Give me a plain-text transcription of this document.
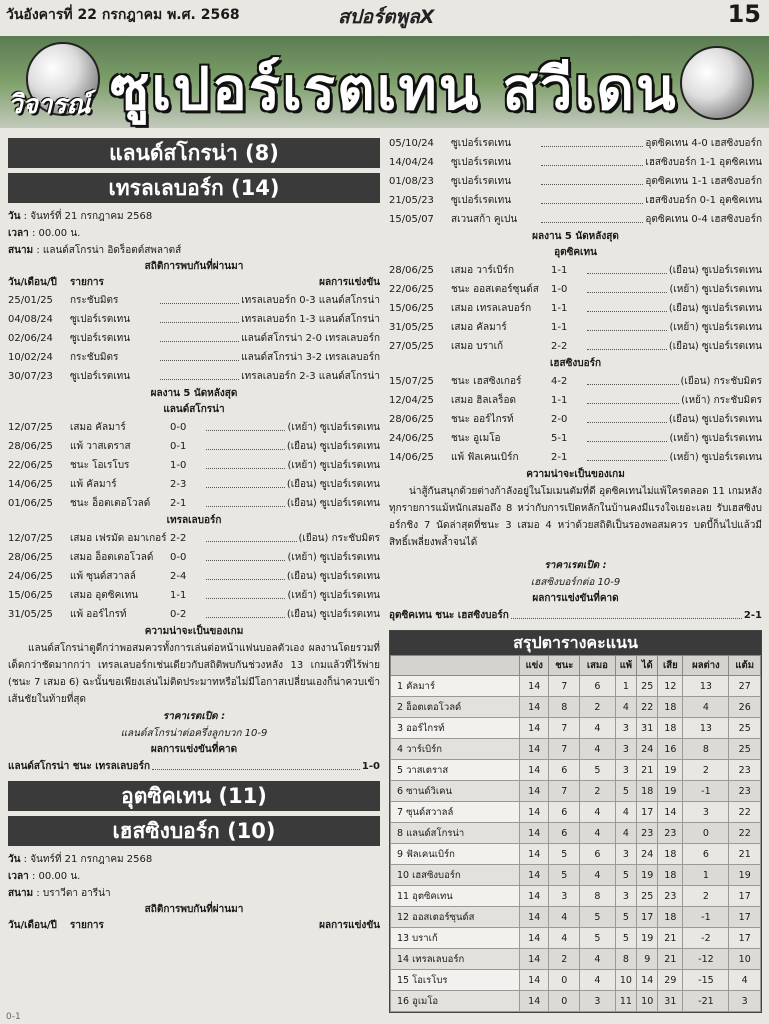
วันอังคารที่ 22 กรกฎาคม พ.ศ. 2568	สปอร์ตพูลX	15
วิจารณ์ ซูเปอร์เรตเทน สวีเดน
แลนด์สโกรน่า (8)
เทรลเลบอร์ก (14)
วัน : จันทร์ที่ 21 กรกฎาคม 2568
เวลา : 00.00 น.
สนาม : แลนด์สโกรน่า อิดร็อตต์สพลาตส์
สถิติการพบกันที่ผ่านมา
วัน/เดือน/ปี	รายการ	ผลการแข่งขัน
25/01/25	กระชับมิตร	เทรลเลบอร์ก 0-3 แลนด์สโกรน่า
04/08/24	ซูเปอร์เรตเทน	เทรลเลบอร์ก 1-3 แลนด์สโกรน่า
02/06/24	ซูเปอร์เรตเทน	แลนด์สโกรน่า 2-0 เทรลเลบอร์ก
10/02/24	กระชับมิตร	แลนด์สโกรน่า 3-2 เทรลเลบอร์ก
30/07/23	ซูเปอร์เรตเทน	เทรลเลบอร์ก 2-3 แลนด์สโกรน่า
ผลงาน 5 นัดหลังสุด
แลนด์สโกรน่า
12/07/25	เสมอ คัลมาร์	0-0	(เหย้า) ซูเปอร์เรตเทน
28/06/25	แพ้ วาสเตราส	0-1	(เยือน) ซูเปอร์เรตเทน
22/06/25	ชนะ โอเรโบร	1-0	(เหย้า) ซูเปอร์เรตเทน
14/06/25	แพ้ คัลมาร์	2-3	(เยือน) ซูเปอร์เรตเทน
01/06/25	ชนะ อ็อตเตอโวลด์	2-1	(เยือน) ซูเปอร์เรตเทน
เทรลเลบอร์ก
12/07/25	เสมอ เฟรมัด อมาเกอร์ 2-2	(เยือน) กระชับมิตร
28/06/25	เสมอ อ็อตเตอโวลด์	0-0	(เหย้า) ซูเปอร์เรตเทน
24/06/25	แพ้ ซุนด์สวาลล์	2-4	(เยือน) ซูเปอร์เรตเทน
15/06/25	เสมอ อุตซิคเทน	1-1	(เหย้า) ซูเปอร์เรตเทน
31/05/25	แพ้ ออร์ไกรท์	0-2	(เยือน) ซูเปอร์เรตเทน
ความน่าจะเป็นของเกม
แลนด์สโกรน่าดูดีกว่าพอสมควรทั้งการเล่นต่อหน้าแฟนบอลตัวเอง ผลงานโดยรวมที่เด็ดกว่าชัดมากกว่า เทรลเลบอร์กเช่นเดียวกับสถิติพบกันช่วงหลัง 13 เกมแล้วที่ไร้พ่าย (ชนะ 7 เสมอ 6) ฉะนั้นขอเพียงเล่นไม่ติดประมาทหรือไม่มีโอกาสเปลี่ยนเองก็น่าควบเข้าเส้นชัยในท้ายที่สุด
ราคาเรตเปิด :
แลนด์สโกรน่าต่อครึ่งลูกบวก 10-9
ผลการแข่งขันที่คาด
แลนด์สโกรน่า ชนะ เทรลเลบอร์ก	1-0
อุตซิคเทน (11)
เฮสซิงบอร์ก (10)
วัน : จันทร์ที่ 21 กรกฎาคม 2568
เวลา : 00.00 น.
สนาม : บราวีตา อารีน่า
สถิติการพบกันที่ผ่านมา
วัน/เดือน/ปี	รายการ	ผลการแข่งขัน
05/10/24	ซูเปอร์เรตเทน	อุตซิคเทน 4-0 เฮสซิงบอร์ก
14/04/24	ซูเปอร์เรตเทน	เฮสซิงบอร์ก 1-1 อุตซิคเทน
01/08/23	ซูเปอร์เรตเทน	อุตซิคเทน 1-1 เฮสซิงบอร์ก
21/05/23	ซูเปอร์เรตเทน	เฮสซิงบอร์ก 0-1 อุตซิคเทน
15/05/07	สเวนสก้า คูเปน	อุตซิคเทน 0-4 เฮสซิงบอร์ก
ผลงาน 5 นัดหลังสุด
อุตซิคเทน
28/06/25	เสมอ วาร์เบิร์ก	1-1	(เยือน) ซูเปอร์เรตเทน
22/06/25	ชนะ ออสเตอร์ซุนด์ส	1-0	(เหย้า) ซูเปอร์เรตเทน
15/06/25	เสมอ เทรลเลบอร์ก	1-1	(เยือน) ซูเปอร์เรตเทน
31/05/25	เสมอ คัลมาร์	1-1	(เหย้า) ซูเปอร์เรตเทน
27/05/25	เสมอ บราเก้	2-2	(เยือน) ซูเปอร์เรตเทน
เฮสซิงบอร์ก
15/07/25	ชนะ เฮสซิงเกอร์	4-2	(เยือน) กระชับมิตร
12/04/25	เสมอ ฮิลเลร็อด	1-1	(เหย้า) กระชับมิตร
28/06/25	ชนะ ออร์ไกรท์	2-0	(เยือน) ซูเปอร์เรตเทน
24/06/25	ชนะ อูเมโอ	5-1	(เหย้า) ซูเปอร์เรตเทน
14/06/25	แพ้ ฟัลเคนเบิร์ก	2-1	(เหย้า) ซูเปอร์เรตเทน
ความน่าจะเป็นของเกม
น่าสู้กันสนุกด้วยต่างก้าลังอยู่ในโมเมนตัมที่ดี อุตซิคเทนไม่แพ้ใครตลอด 11 เกมหลังทุกรายการแม้หนักเสมอถึง 8 หว่ากับการเปิดหลักในบ้านคงมีแรงใจเยอะเลย รับเฮสซิงบอร์กชิง 7 นัดล่าสุดที่ชนะ 3 เสมอ 4 หว่าด้วยสถิติเป็นรองพอสมควร บดบี้ก็นไปแล้วมีสิทธิ์เพลี่ยงพล้ำจนได้
ราคาเรตเปิด :
เฮสซิงบอร์กต่อ 10-9
ผลการแข่งขันที่คาด
อุตซิคเทน ชนะ เฮสซิงบอร์ก	2-1
สรุปตารางคะแนน
	แข่ง	ชนะ	เสมอ	แพ้	ได้	เสีย	ผลต่าง	แต้ม
1 คัลมาร์	14	7	6	1	25	12	13	27
2 อ็อตเตอโวลด์	14	8	2	4	22	18	4	26
3 ออร์ไกรท์	14	7	4	3	31	18	13	25
4 วาร์เบิร์ก	14	7	4	3	24	16	8	25
5 วาสเตราส	14	6	5	3	21	19	2	23
6 ซานด์วิเคน	14	7	2	5	18	19	-1	23
7 ซุนด์สวาลล์	14	6	4	4	17	14	3	22
8 แลนด์สโกรน่า	14	6	4	4	23	23	0	22
9 ฟัลเคนเบิร์ก	14	5	6	3	24	18	6	21
10 เฮสซิงบอร์ก	14	5	4	5	19	18	1	19
11 อุตซิคเทน	14	3	8	3	25	23	2	17
12 ออสเตอร์ซุนด์ส	14	4	5	5	17	18	-1	17
13 บราเก้	14	4	5	5	19	21	-2	17
14 เทรลเลบอร์ก	14	2	4	8	9	21	-12	10
15 โอเรโบร	14	0	4	10	14	29	-15	4
16 อูเมโอ	14	0	3	11	10	31	-21	3
0-1
